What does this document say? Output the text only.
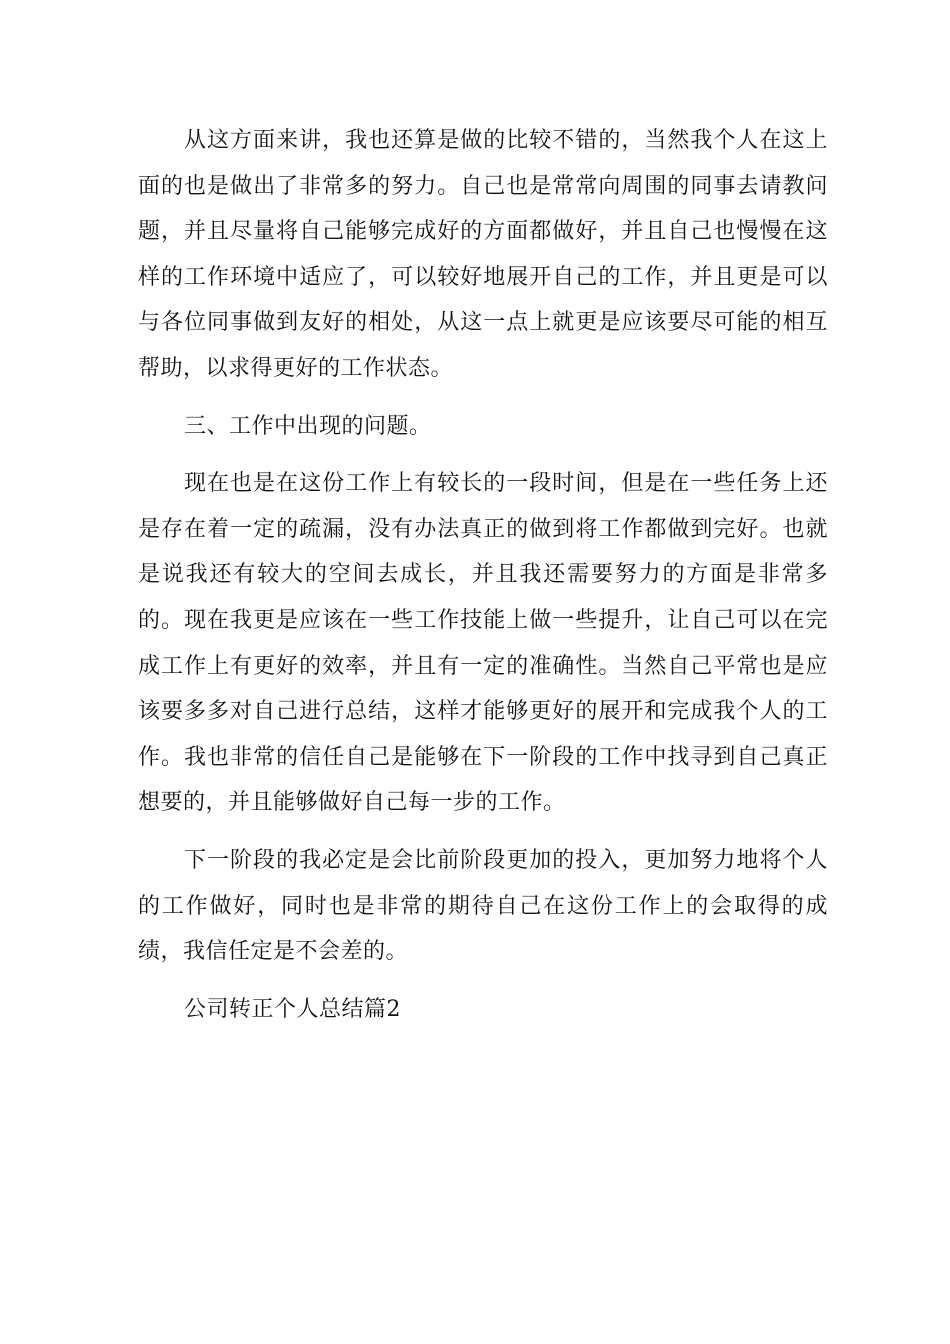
从这方面来讲，我也还算是做的比较不错的，当然我个人在这上面的也是做出了非常多的努力。自己也是常常向周围的同事去请教问题，并且尽量将自己能够完成好的方面都做好，并且自己也慢慢在这样的工作环境中适应了，可以较好地展开自己的工作，并且更是可以与各位同事做到友好的相处，从这一点上就更是应该要尽可能的相互帮助，以求得更好的工作状态。

三、工作中出现的问题。

现在也是在这份工作上有较长的一段时间，但是在一些任务上还是存在着一定的疏漏，没有办法真正的做到将工作都做到完好。也就是说我还有较大的空间去成长，并且我还需要努力的方面是非常多的。现在我更是应该在一些工作技能上做一些提升，让自己可以在完成工作上有更好的效率，并且有一定的准确性。当然自己平常也是应该要多多对自己进行总结，这样才能够更好的展开和完成我个人的工作。我也非常的信任自己是能够在下一阶段的工作中找寻到自己真正想要的，并且能够做好自己每一步的工作。

下一阶段的我必定是会比前阶段更加的投入，更加努力地将个人的工作做好，同时也是非常的期待自己在这份工作上的会取得的成绩，我信任定是不会差的。

公司转正个人总结篇2
